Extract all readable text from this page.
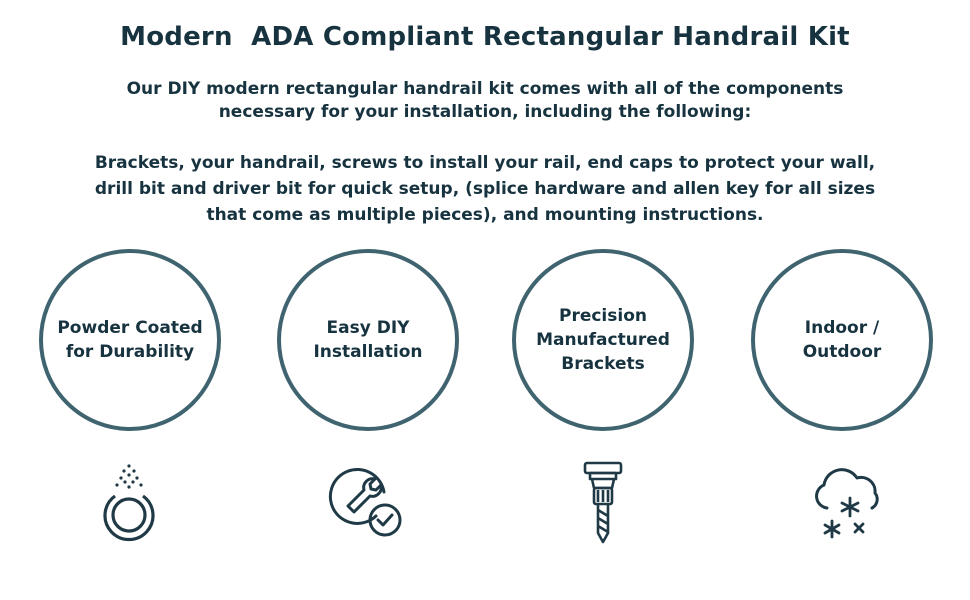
Modern  ADA Compliant Rectangular Handrail Kit
Our DIY modern rectangular handrail kit comes with all of the components necessary for your installation, including the following:
Brackets, your handrail, screws to install your rail, end caps to protect your wall, drill bit and driver bit for quick setup, (splice hardware and allen key for all sizes that come as multiple pieces), and mounting instructions.
Powder Coated
for Durability
Easy DIY
Installation
Precision
Manufactured
Brackets
Indoor /
Outdoor
